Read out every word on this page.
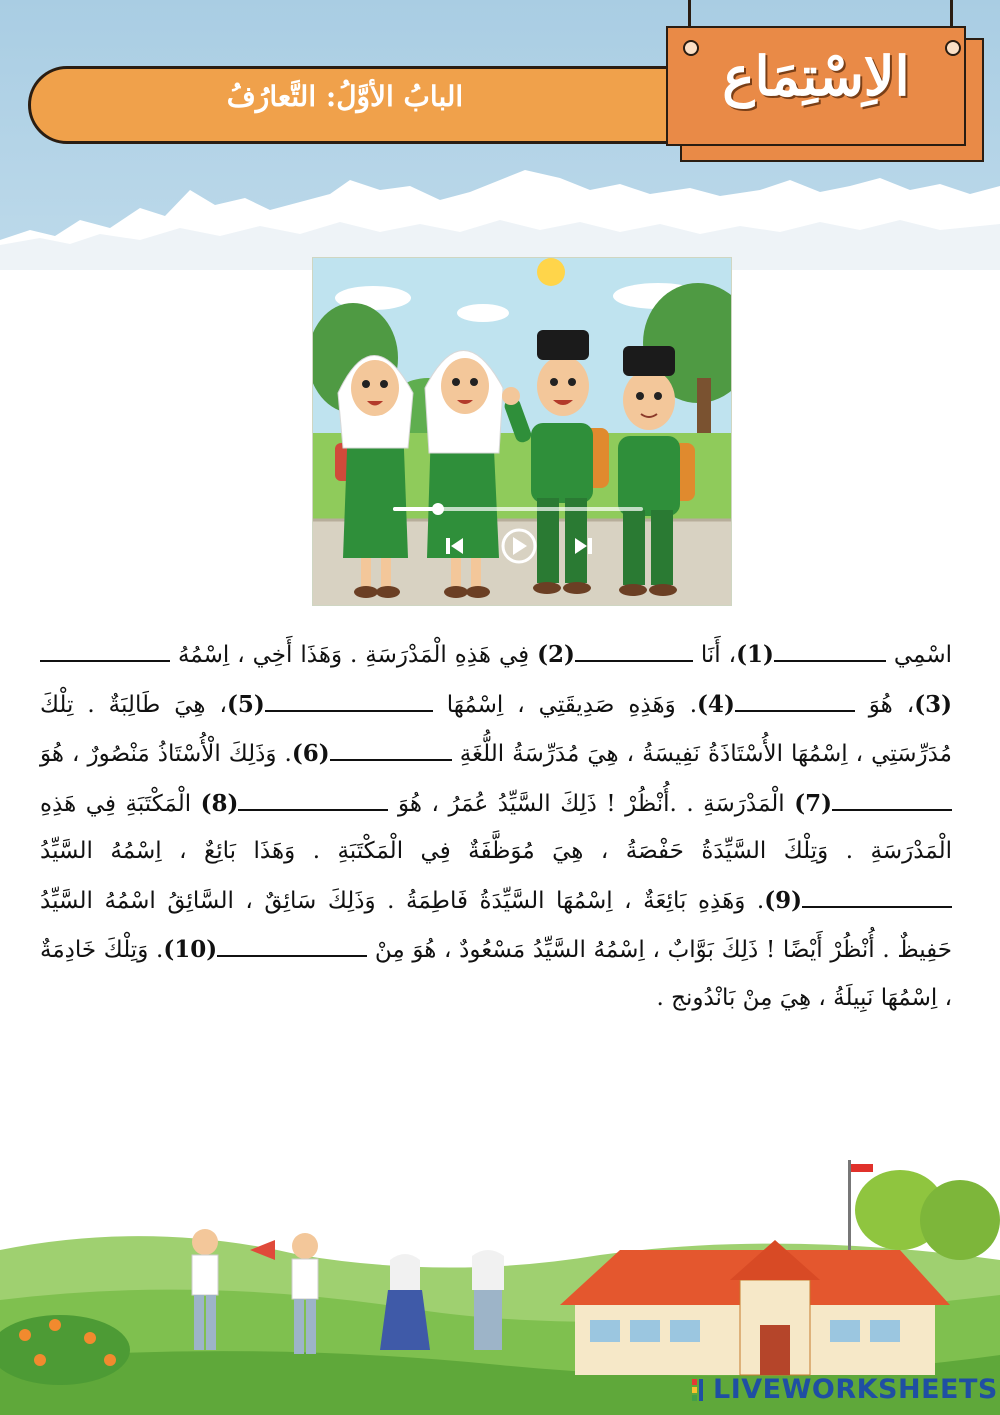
البابُ الأوَّلُ: التَّعارُفُ	الاِسْتِمَاع
اسْمِي (1)، أَنَا (2) فِي هَذِهِ الْمَدْرَسَةِ . وَهَذَا أَخِي ، اِسْمُهُ (3)، هُوَ (4). وَهَذِهِ صَدِيقَتِي ، اِسْمُهَا (5)، هِيَ طَالِبَةٌ . تِلْكَ مُدَرِّسَتِي ، اِسْمُهَا الأُسْتَاذَةُ نَفِيسَةُ ، هِيَ مُدَرِّسَةُ اللُّغَةِ (6). وَذَلِكَ الْأُسْتَاذُ مَنْصُورٌ ، هُوَ (7) الْمَدْرَسَةِ . .أُنْظُرْ ! ذَلِكَ السَّيِّدُ عُمَرُ ، هُوَ (8) الْمَكْتَبَةِ فِي هَذِهِ الْمَدْرَسَةِ . وَتِلْكَ السَّيِّدَةُ حَفْصَةُ ، هِيَ مُوَظَّفَةٌ فِي الْمَكْتَبَةِ . وَهَذَا بَائِعٌ ، اِسْمُهُ السَّيِّدُ (9). وَهَذِهِ بَائِعَةٌ ، اِسْمُهَا السَّيِّدَةُ فَاطِمَةُ . وَذَلِكَ سَائِقٌ ، السَّائِقُ اسْمُهُ السَّيِّدُ حَفِيظٌ . أُنْظُرْ أَيْضًا ! ذَلِكَ بَوَّابٌ ، اِسْمُهُ السَّيِّدُ مَسْعُودٌ ، هُوَ مِنْ (10). وَتِلْكَ خَادِمَةٌ ، اِسْمُهَا نَبِيلَةُ ، هِيَ مِنْ بَانْدُونج .
LIVEWORKSHEETS
